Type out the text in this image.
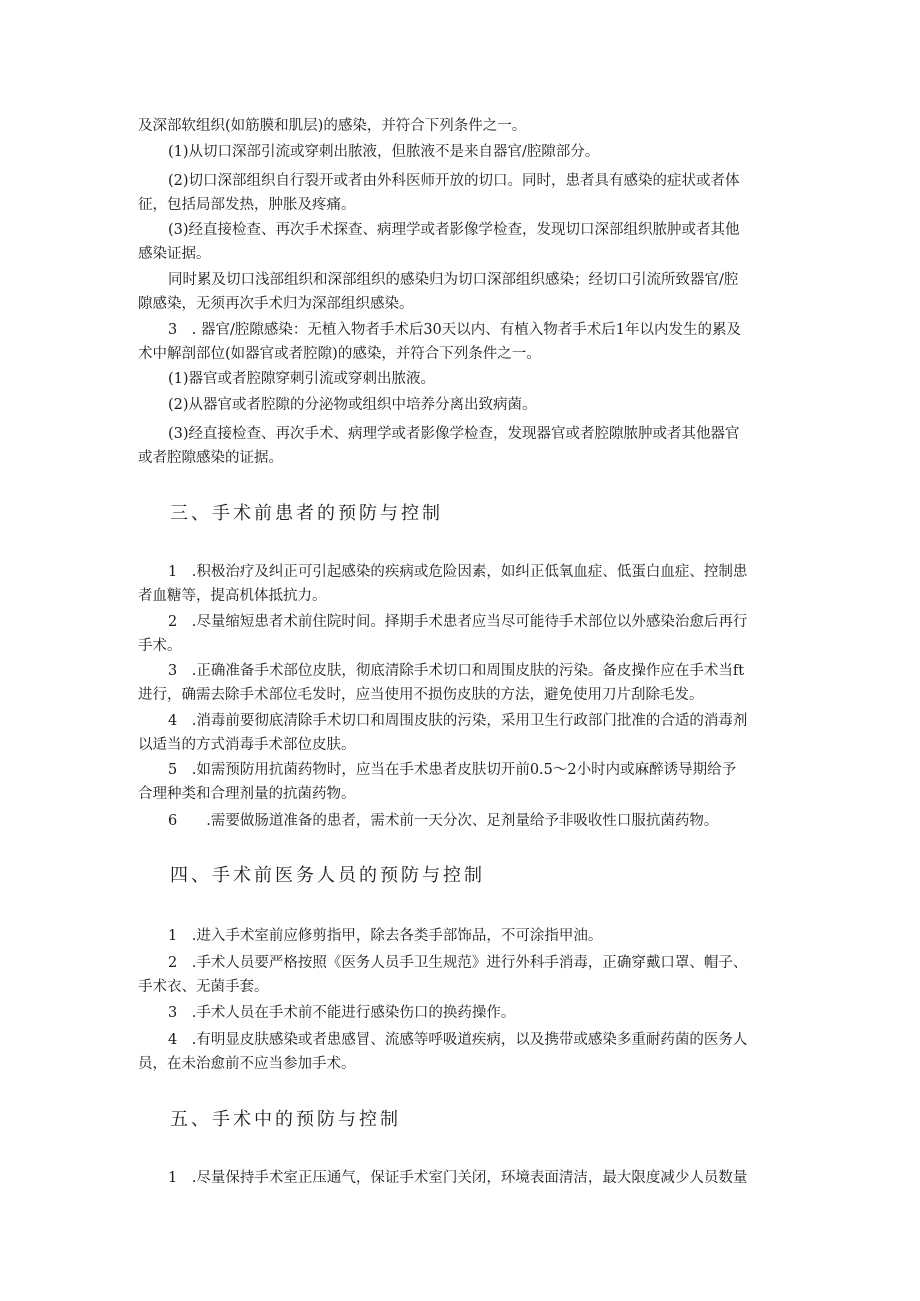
及深部软组织(如筋膜和肌层)的感染，并符合下列条件之一。
(1)从切口深部引流或穿刺出脓液，但脓液不是来自器官/腔隙部分。
(2)切口深部组织自行裂开或者由外科医师开放的切口。同时，患者具有感染的症状或者体
征，包括局部发热，肿胀及疼痛。
(3)经直接检查、再次手术探查、病理学或者影像学检查，发现切口深部组织脓肿或者其他
感染证据。
同时累及切口浅部组织和深部组织的感染归为切口深部组织感染；经切口引流所致器官/腔
隙感染，无须再次手术归为深部组织感染。
3　. 器官/腔隙感染：无植入物者手术后30天以内、有植入物者手术后1年以内发生的累及
术中解剖部位(如器官或者腔隙)的感染，并符合下列条件之一。
(1)器官或者腔隙穿刺引流或穿刺出脓液。
(2)从器官或者腔隙的分泌物或组织中培养分离出致病菌。
(3)经直接检查、再次手术、病理学或者影像学检查，发现器官或者腔隙脓肿或者其他器官
或者腔隙感染的证据。
三、手术前患者的预防与控制
1　.积极治疗及纠正可引起感染的疾病或危险因素，如纠正低氧血症、低蛋白血症、控制患
者血糖等，提高机体抵抗力。
2　.尽量缩短患者术前住院时间。择期手术患者应当尽可能待手术部位以外感染治愈后再行
手术。
3　.正确准备手术部位皮肤，彻底清除手术切口和周围皮肤的污染。备皮操作应在手术当ft
进行，确需去除手术部位毛发时，应当使用不损伤皮肤的方法，避免使用刀片刮除毛发。
4　.消毒前要彻底清除手术切口和周围皮肤的污染，采用卫生行政部门批准的合适的消毒剂
以适当的方式消毒手术部位皮肤。
5　.如需预防用抗菌药物时，应当在手术患者皮肤切开前0.5～2小时内或麻醉诱导期给予
合理种类和合理剂量的抗菌药物。
6　　.需要做肠道准备的患者，需术前一天分次、足剂量给予非吸收性口服抗菌药物。
四、手术前医务人员的预防与控制
1　.进入手术室前应修剪指甲，除去各类手部饰品，不可涂指甲油。
2　.手术人员要严格按照《医务人员手卫生规范》进行外科手消毒，正确穿戴口罩、帽子、
手术衣、无菌手套。
3　.手术人员在手术前不能进行感染伤口的换药操作。
4　.有明显皮肤感染或者患感冒、流感等呼吸道疾病，以及携带或感染多重耐药菌的医务人
员，在未治愈前不应当参加手术。
五、手术中的预防与控制
1　.尽量保持手术室正压通气，保证手术室门关闭，环境表面清洁，最大限度减少人员数量
